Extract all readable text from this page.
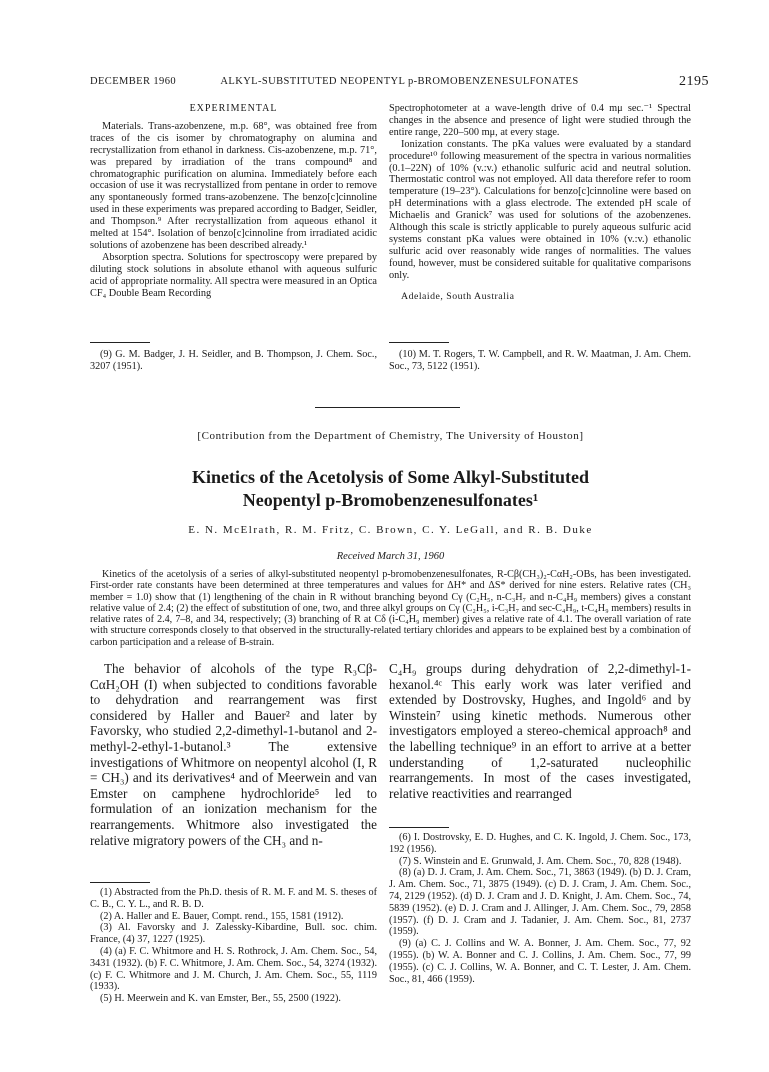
DECEMBER 1960	ALKYL-SUBSTITUTED NEOPENTYL p-BROMOBENZENESULFONATES	2195
EXPERIMENTAL

Materials. Trans-azobenzene, m.p. 68°, was obtained free from traces of the cis isomer by chromatography on alumina and recrystallization from ethanol in darkness. Cis-azobenzene, m.p. 71°, was prepared by irradiation of the trans compound⁸ and chromatographic purification on alumina. Immediately before each occasion of use it was recrystallized from pentane in order to remove any spontaneously formed trans-azobenzene. The benzo[c]cinnoline used in these experiments was prepared according to Badger, Seidler, and Thompson.⁹ After recrystallization from aqueous ethanol it melted at 154°. Isolation of benzo[c]cinnoline from irradiated acidic solutions of azobenzene has been described already.¹

Absorption spectra. Solutions for spectroscopy were prepared by diluting stock solutions in absolute ethanol with aqueous sulfuric acid of appropriate normality. All spectra were measured in an Optica CF₄ Double Beam Recording

Spectrophotometer at a wave-length drive of 0.4 mμ sec.⁻¹ Spectral changes in the absence and presence of light were studied through the entire range, 220–500 mμ, at every stage.

Ionization constants. The pKa values were evaluated by a standard procedure¹⁰ following measurement of the spectra in various normalities (0.1–22N) of 10% (v.:v.) ethanolic sulfuric acid and neutral solution. Thermostatic control was not employed. All data therefore refer to room temperature (19–23°). Calculations for benzo[c]cinnoline were based on pH determinations with a glass electrode. The extended pH scale of Michaelis and Granick⁷ was used for solutions of the azobenzenes. Although this scale is strictly applicable to purely aqueous sulfuric acid systems constant pKa values were obtained in 10% (v.:v.) ethanolic sulfuric acid over reasonably wide ranges of normalities. The values found, however, must be considered suitable for qualitative comparisons only.

Adelaide, South Australia

(9) G. M. Badger, J. H. Seidler, and B. Thompson, J. Chem. Soc., 3207 (1951).

(10) M. T. Rogers, T. W. Campbell, and R. W. Maatman, J. Am. Chem. Soc., 73, 5122 (1951).

[Contribution from the Department of Chemistry, The University of Houston]
Kinetics of the Acetolysis of Some Alkyl-Substituted
Neopentyl p-Bromobenzenesulfonates¹
E. N. McElrath, R. M. Fritz, C. Brown, C. Y. LeGall, and R. B. Duke
Received March 31, 1960

Kinetics of the acetolysis of a series of alkyl-substituted neopentyl p-bromobenzenesulfonates, R-Cβ(CH₃)₂-CαH₂-OBs, has been investigated. First-order rate constants have been determined at three temperatures and values for ΔH* and ΔS* derived for nine esters. Relative rates (CH₃ member = 1.0) show that (1) lengthening of the chain in R without branching beyond Cγ (C₂H₅, n-C₃H₇ and n-C₄H₉ members) gives a constant relative value of 2.4; (2) the effect of substitution of one, two, and three alkyl groups on Cγ (C₂H₅, i-C₃H₇ and sec-C₄H₉, t-C₄H₉ members) results in relative rates of 2.4, 7–8, and 34, respectively; (3) branching of R at Cδ (i-C₄H₉ member) gives a relative rate of 4.1. The overall variation of rate with structure corresponds closely to that observed in the structurally-related tertiary chlorides and appears to be explained best by a combination of carbon participation and a release of B-strain.

The behavior of alcohols of the type R₃Cβ-CαH₂OH (I) when subjected to conditions favorable to dehydration and rearrangement was first considered by Haller and Bauer² and later by Favorsky, who studied 2,2-dimethyl-1-butanol and 2-methyl-2-ethyl-1-butanol.³ The extensive investigations of Whitmore on neopentyl alcohol (I, R = CH₃) and its derivatives⁴ and of Meerwein and van Emster on camphene hydrochloride⁵ led to formulation of an ionization mechanism for the rearrangements. Whitmore also investigated the relative migratory powers of the CH₃ and n-

C₄H₉ groups during dehydration of 2,2-dimethyl-1-hexanol.⁴ᶜ This early work was later verified and extended by Dostrovsky, Hughes, and Ingold⁶ and by Winstein⁷ using kinetic methods. Numerous other investigators employed a stereo-chemical approach⁸ and the labelling technique⁹ in an effort to arrive at a better understanding of 1,2-saturated nucleophilic rearrangements. In most of the cases investigated, relative reactivities and rearranged

(1) Abstracted from the Ph.D. thesis of R. M. F. and M. S. theses of C. B., C. Y. L., and R. B. D.

(2) A. Haller and E. Bauer, Compt. rend., 155, 1581 (1912).

(3) Al. Favorsky and J. Zalessky-Kibardine, Bull. soc. chim. France, (4) 37, 1227 (1925).

(4) (a) F. C. Whitmore and H. S. Rothrock, J. Am. Chem. Soc., 54, 3431 (1932). (b) F. C. Whitmore, J. Am. Chem. Soc., 54, 3274 (1932). (c) F. C. Whitmore and J. M. Church, J. Am. Chem. Soc., 55, 1119 (1933).

(5) H. Meerwein and K. van Emster, Ber., 55, 2500 (1922).

(6) I. Dostrovsky, E. D. Hughes, and C. K. Ingold, J. Chem. Soc., 173, 192 (1956).

(7) S. Winstein and E. Grunwald, J. Am. Chem. Soc., 70, 828 (1948).

(8) (a) D. J. Cram, J. Am. Chem. Soc., 71, 3863 (1949). (b) D. J. Cram, J. Am. Chem. Soc., 71, 3875 (1949). (c) D. J. Cram, J. Am. Chem. Soc., 74, 2129 (1952). (d) D. J. Cram and J. D. Knight, J. Am. Chem. Soc., 74, 5839 (1952). (e) D. J. Cram and J. Allinger, J. Am. Chem. Soc., 79, 2858 (1957). (f) D. J. Cram and J. Tadanier, J. Am. Chem. Soc., 81, 2737 (1959).

(9) (a) C. J. Collins and W. A. Bonner, J. Am. Chem. Soc., 77, 92 (1955). (b) W. A. Bonner and C. J. Collins, J. Am. Chem. Soc., 77, 99 (1955). (c) C. J. Collins, W. A. Bonner, and C. T. Lester, J. Am. Chem. Soc., 81, 466 (1959).
